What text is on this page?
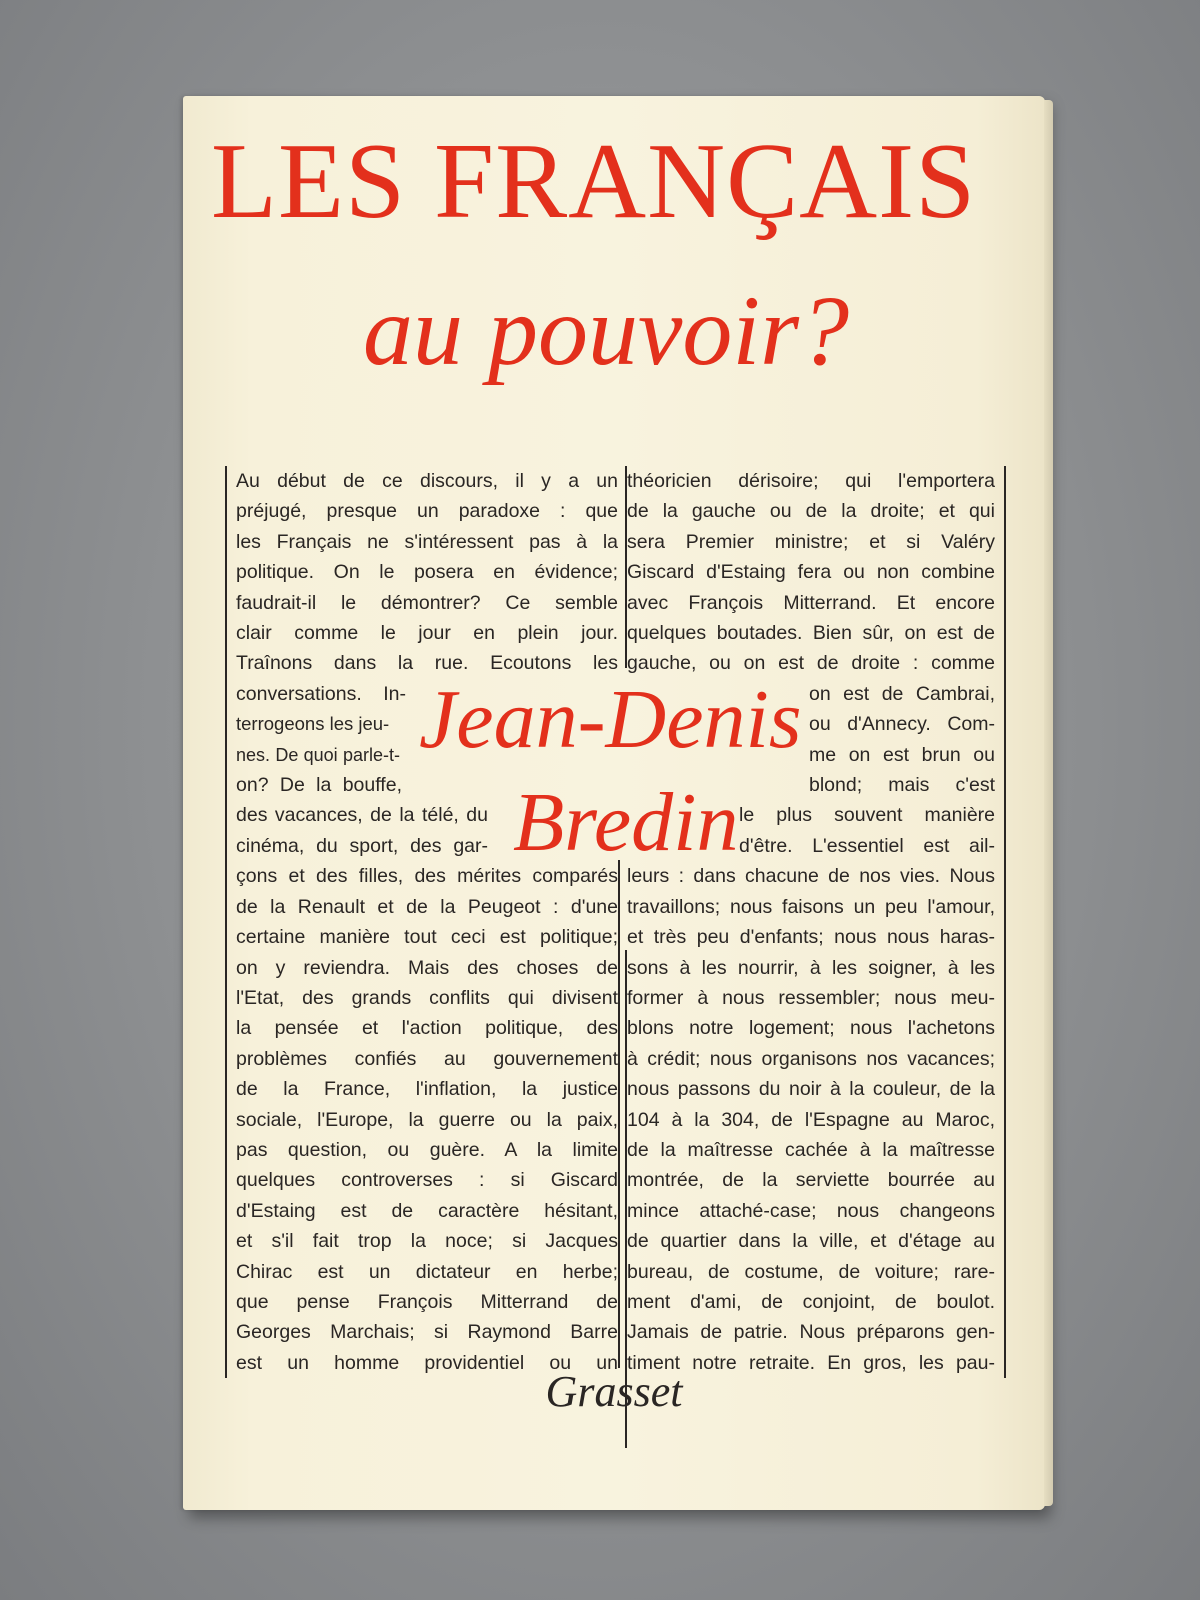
LES FRANÇAIS
au pouvoir?
Au début de ce discours, il y a un
préjugé, presque un paradoxe : que
les Français ne s'intéressent pas à la
politique. On le posera en évidence;
faudrait-il le démontrer? Ce semble
clair comme le jour en plein jour.
Traînons dans la rue. Ecoutons les
conversations. In-
terrogeons les jeu-
nes. De quoi parle-t-
on? De la bouffe,
des vacances, de la télé, du
cinéma, du sport, des gar-
çons et des filles, des mérites comparés
de la Renault et de la Peugeot : d'une
certaine manière tout ceci est politique;
on y reviendra. Mais des choses de
l'Etat, des grands conflits qui divisent
la pensée et l'action politique, des
problèmes confiés au gouvernement
de la France, l'inflation, la justice
sociale, l'Europe, la guerre ou la paix,
pas question, ou guère. A la limite
quelques controverses : si Giscard
d'Estaing est de caractère hésitant,
et s'il fait trop la noce; si Jacques
Chirac est un dictateur en herbe;
que pense François Mitterrand de
Georges Marchais; si Raymond Barre
est un homme providentiel ou un
théoricien dérisoire; qui l'emportera
de la gauche ou de la droite; et qui
sera Premier ministre; et si Valéry
Giscard d'Estaing fera ou non combine
avec François Mitterrand. Et encore
quelques boutades. Bien sûr, on est de
gauche, ou on est de droite : comme
on est de Cambrai,
ou d'Annecy. Com-
me on est brun ou
blond; mais c'est
le plus souvent manière
d'être. L'essentiel est ail-
leurs : dans chacune de nos vies. Nous
travaillons; nous faisons un peu l'amour,
et très peu d'enfants; nous nous haras-
sons à les nourrir, à les soigner, à les
former à nous ressembler; nous meu-
blons notre logement; nous l'achetons
à crédit; nous organisons nos vacances;
nous passons du noir à la couleur, de la
104 à la 304, de l'Espagne au Maroc,
de la maîtresse cachée à la maîtresse
montrée, de la serviette bourrée au
mince attaché-case; nous changeons
de quartier dans la ville, et d'étage au
bureau, de costume, de voiture; rare-
ment d'ami, de conjoint, de boulot.
Jamais de patrie. Nous préparons gen-
timent notre retraite. En gros, les pau-
Jean-Denis
Bredin
Grasset
